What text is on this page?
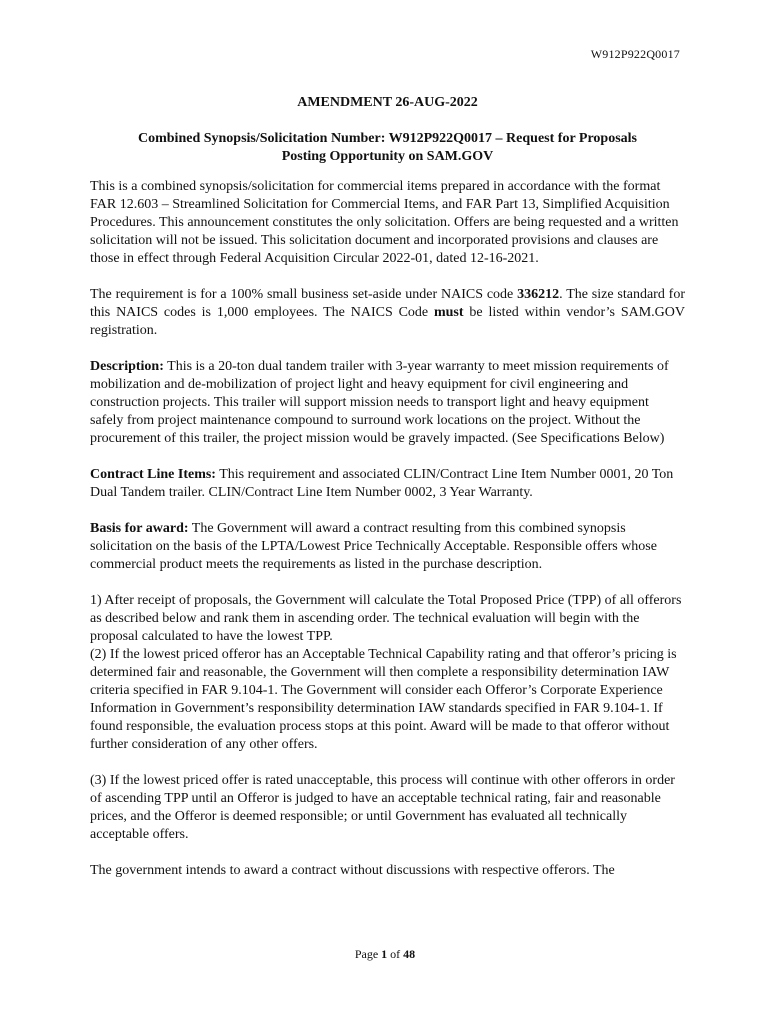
W912P922Q0017
AMENDMENT 26-AUG-2022
Combined Synopsis/Solicitation Number: W912P922Q0017 – Request for Proposals
Posting Opportunity on SAM.GOV

This is a combined synopsis/solicitation for commercial items prepared in accordance with the format FAR 12.603 – Streamlined Solicitation for Commercial Items, and FAR Part 13, Simplified Acquisition Procedures. This announcement constitutes the only solicitation. Offers are being requested and a written solicitation will not be issued. This solicitation document and incorporated provisions and clauses are those in effect through Federal Acquisition Circular 2022-01, dated 12-16-2021.

The requirement is for a 100% small business set-aside under NAICS code 336212. The size standard for this NAICS codes is 1,000 employees. The NAICS Code must be listed within vendor’s SAM.GOV registration.

Description: This is a 20-ton dual tandem trailer with 3-year warranty to meet mission requirements of mobilization and de-mobilization of project light and heavy equipment for civil engineering and construction projects. This trailer will support mission needs to transport light and heavy equipment safely from project maintenance compound to surround work locations on the project. Without the procurement of this trailer, the project mission would be gravely impacted. (See Specifications Below)

Contract Line Items: This requirement and associated CLIN/Contract Line Item Number 0001, 20 Ton Dual Tandem trailer. CLIN/Contract Line Item Number 0002, 3 Year Warranty.

Basis for award: The Government will award a contract resulting from this combined synopsis solicitation on the basis of the LPTA/Lowest Price Technically Acceptable. Responsible offers whose commercial product meets the requirements as listed in the purchase description.

1) After receipt of proposals, the Government will calculate the Total Proposed Price (TPP) of all offerors as described below and rank them in ascending order. The technical evaluation will begin with the proposal calculated to have the lowest TPP.

(2) If the lowest priced offeror has an Acceptable Technical Capability rating and that offeror’s pricing is determined fair and reasonable, the Government will then complete a responsibility determination IAW criteria specified in FAR 9.104-1. The Government will consider each Offeror’s Corporate Experience Information in Government’s responsibility determination IAW standards specified in FAR 9.104-1. If found responsible, the evaluation process stops at this point. Award will be made to that offeror without further consideration of any other offers.

(3) If the lowest priced offer is rated unacceptable, this process will continue with other offerors in order of ascending TPP until an Offeror is judged to have an acceptable technical rating, fair and reasonable prices, and the Offeror is deemed responsible; or until Government has evaluated all technically acceptable offers.

The government intends to award a contract without discussions with respective offerors. The

Page 1 of 48
